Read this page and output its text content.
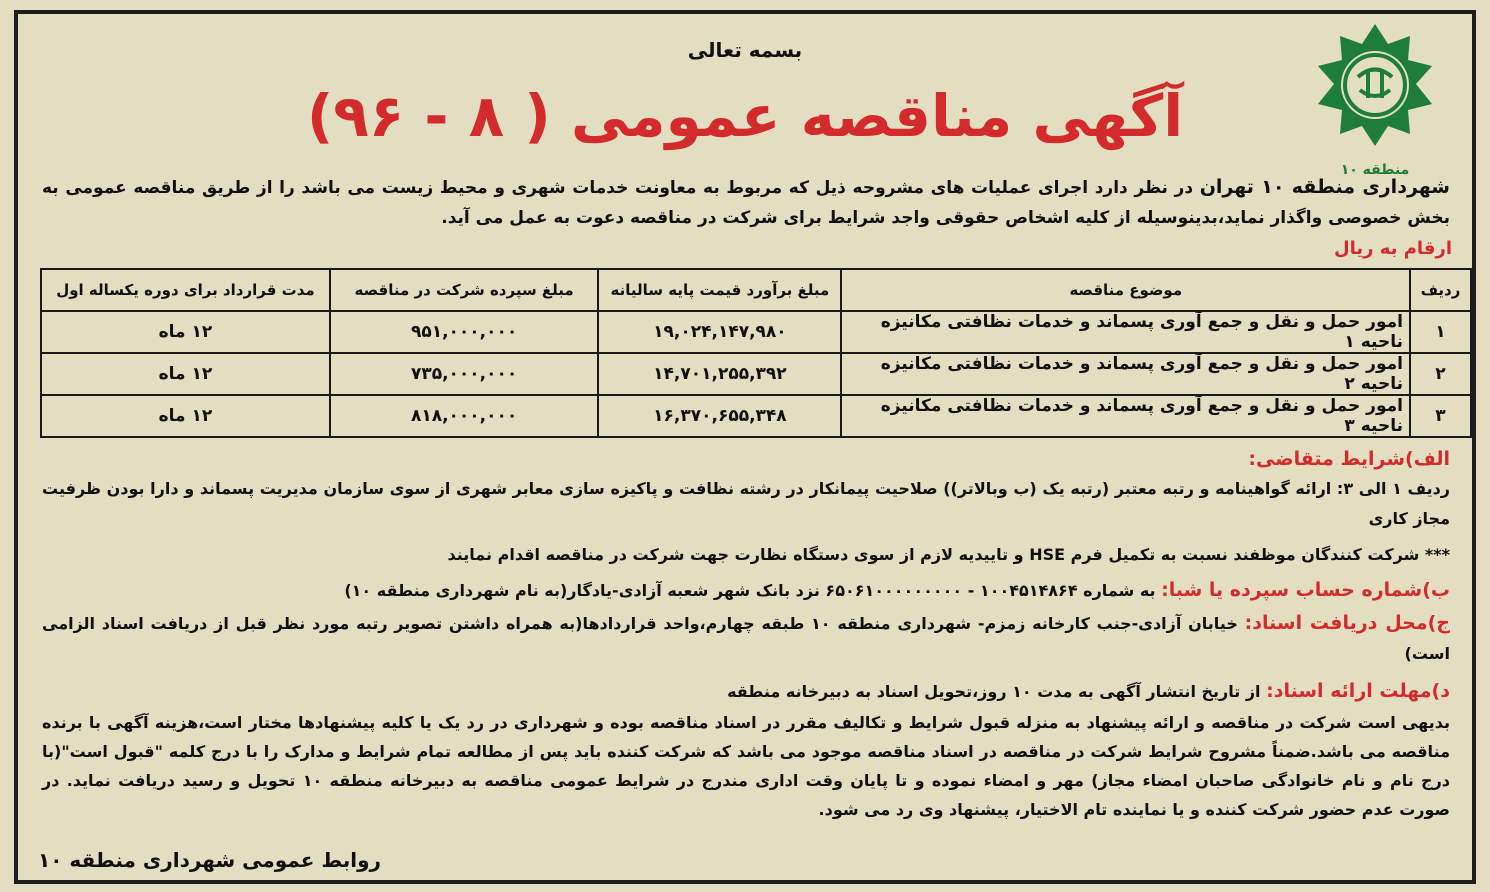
منطقه ۱۰
بسمه تعالی
آگهی مناقصه عمومی ( ۸ - ۹۶)
شهرداری منطقه ۱۰ تهران در نظر دارد اجرای عملیات های مشروحه ذیل که مربوط به معاونت خدمات شهری و محیط زیست می باشد را از طریق مناقصه عمومی به بخش خصوصی واگذار نماید،بدینوسیله از کلیه اشخاص حقوقی واجد شرایط برای شرکت در مناقصه دعوت به عمل می آید.
ارقام به ریال
ردیف	موضوع مناقصه	مبلغ برآورد قیمت پایه سالیانه	مبلغ سپرده شرکت در مناقصه	مدت قرارداد برای دوره یکساله اول
۱	امور حمل و نقل و جمع آوری پسماند و خدمات نظافتی مکانیزه ناحیه ۱	۱۹,۰۲۴,۱۴۷,۹۸۰	۹۵۱,۰۰۰,۰۰۰	۱۲ ماه
۲	امور حمل و نقل و جمع آوری پسماند و خدمات نظافتی مکانیزه ناحیه ۲	۱۴,۷۰۱,۲۵۵,۳۹۲	۷۳۵,۰۰۰,۰۰۰	۱۲ ماه
۳	امور حمل و نقل و جمع آوری پسماند و خدمات نظافتی مکانیزه ناحیه ۳	۱۶,۳۷۰,۶۵۵,۳۴۸	۸۱۸,۰۰۰,۰۰۰	۱۲ ماه
الف)شرایط متقاضی:
ردیف ۱ الی ۳: ارائه گواهینامه و رتبه معتبر (رتبه یک (ب وبالاتر)) صلاحیت پیمانکار در رشته نظافت و پاکیزه سازی معابر شهری از سوی سازمان مدیریت پسماند و دارا بودن ظرفیت مجاز کاری
*** شرکت کنندگان موظفند نسبت به تکمیل فرم HSE و تاییدیه لازم از سوی دستگاه نظارت جهت شرکت در مناقصه اقدام نمایند
ب)شماره حساب سپرده یا شبا: به شماره ۱۰۰۴۵۱۴۸۶۴ - ۶۵۰۶۱۰۰۰۰۰۰۰۰۰ نزد بانک شهر شعبه آزادی-یادگار(به نام شهرداری منطقه ۱۰)
ج)محل دریافت اسناد: خیابان آزادی-جنب کارخانه زمزم- شهرداری منطقه ۱۰ طبقه چهارم،واحد قراردادها(به همراه داشتن تصویر رتبه مورد نظر قبل از دریافت اسناد الزامی است)
د)مهلت ارائه اسناد: از تاریخ انتشار آگهی به مدت ۱۰ روز،تحویل اسناد به دبیرخانه منطقه
بدیهی است شرکت در مناقصه و ارائه پیشنهاد به منزله قبول شرایط و تکالیف مقرر در اسناد مناقصه بوده و شهرداری در رد یک یا کلیه پیشنهادها مختار است،هزینه آگهی با برنده مناقصه می باشد.ضمناً مشروح شرایط شرکت در مناقصه در اسناد مناقصه موجود می باشد که شرکت کننده باید پس از مطالعه تمام شرایط و مدارک را با درج کلمه "قبول است"(با درج نام و نام خانوادگی صاحبان امضاء مجاز) مهر و امضاء نموده و تا پایان وقت اداری مندرج در شرایط عمومی مناقصه به دبیرخانه منطقه ۱۰ تحویل و رسید دریافت نماید. در صورت عدم حضور شرکت کننده و یا نماینده تام الاختیار، پیشنهاد وی رد می شود.
روابط عمومی شهرداری منطقه ۱۰
